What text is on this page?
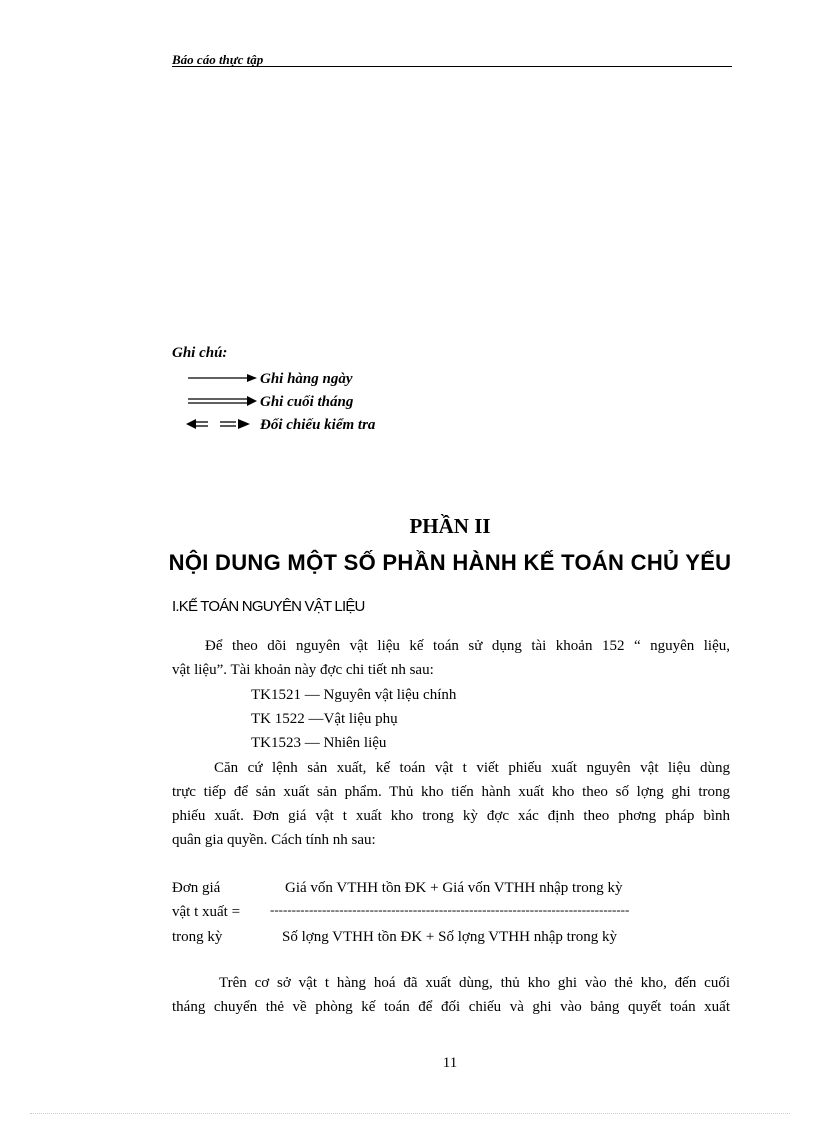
Báo cáo thực tập
Ghi chú:
Ghi hàng ngày
Ghi cuối tháng
Đối chiếu kiểm tra
PHẦN II
NỘI DUNG MỘT SỐ PHẦN HÀNH KẾ TOÁN CHỦ YẾU
I.KẾ TOÁN NGUYÊN VẬT LIỆU
Để theo dõi nguyên vật liệu kế toán sử dụng tài khoản 152 “ nguyên liệu,
vật liệu”. Tài khoản này đợc chi tiết nh sau:
TK1521 — Nguyên vật liệu chính
TK 1522 —Vật liệu phụ
TK1523 — Nhiên liệu
Căn cứ lệnh sản xuất, kế toán vật t viết phiếu xuất nguyên vật liệu dùng
trực tiếp để sản xuất sản phẩm. Thủ kho tiến hành xuất kho theo số lợng ghi trong
phiếu xuất. Đơn giá vật t xuất kho trong kỳ đợc xác định theo phơng pháp bình
quân gia quyền. Cách tính nh sau:
Đơn giá	Giá vốn VTHH tồn ĐK + Giá vốn VTHH nhập trong kỳ
vật t xuất = -----------------------------------------------------------------------------------
trong kỳ	Số lợng VTHH tồn ĐK + Số lợng VTHH nhập trong kỳ
Trên cơ sở vật t hàng hoá đã xuất dùng, thủ kho ghi vào thẻ kho, đến cuối
tháng chuyển thẻ về phòng kế toán để đối chiếu và ghi vào bảng quyết toán xuất
11
